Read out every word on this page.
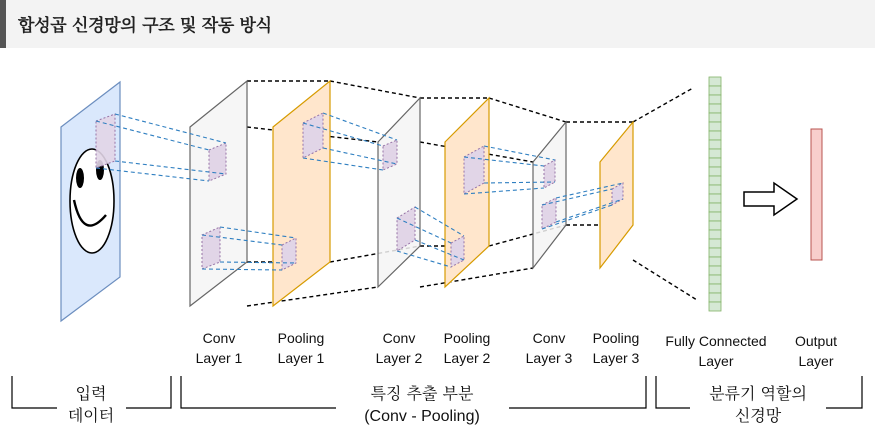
합성곱 신경망의 구조 및 작동 방식
Conv
Layer 1
Pooling
Layer 1
Conv
Layer 2
Pooling
Layer 2
Conv
Layer 3
Pooling
Layer 3
Fully Connected
Layer
Output
Layer
입력
데이터
특징 추출 부분
(Conv - Pooling)
분류기 역할의
신경망
